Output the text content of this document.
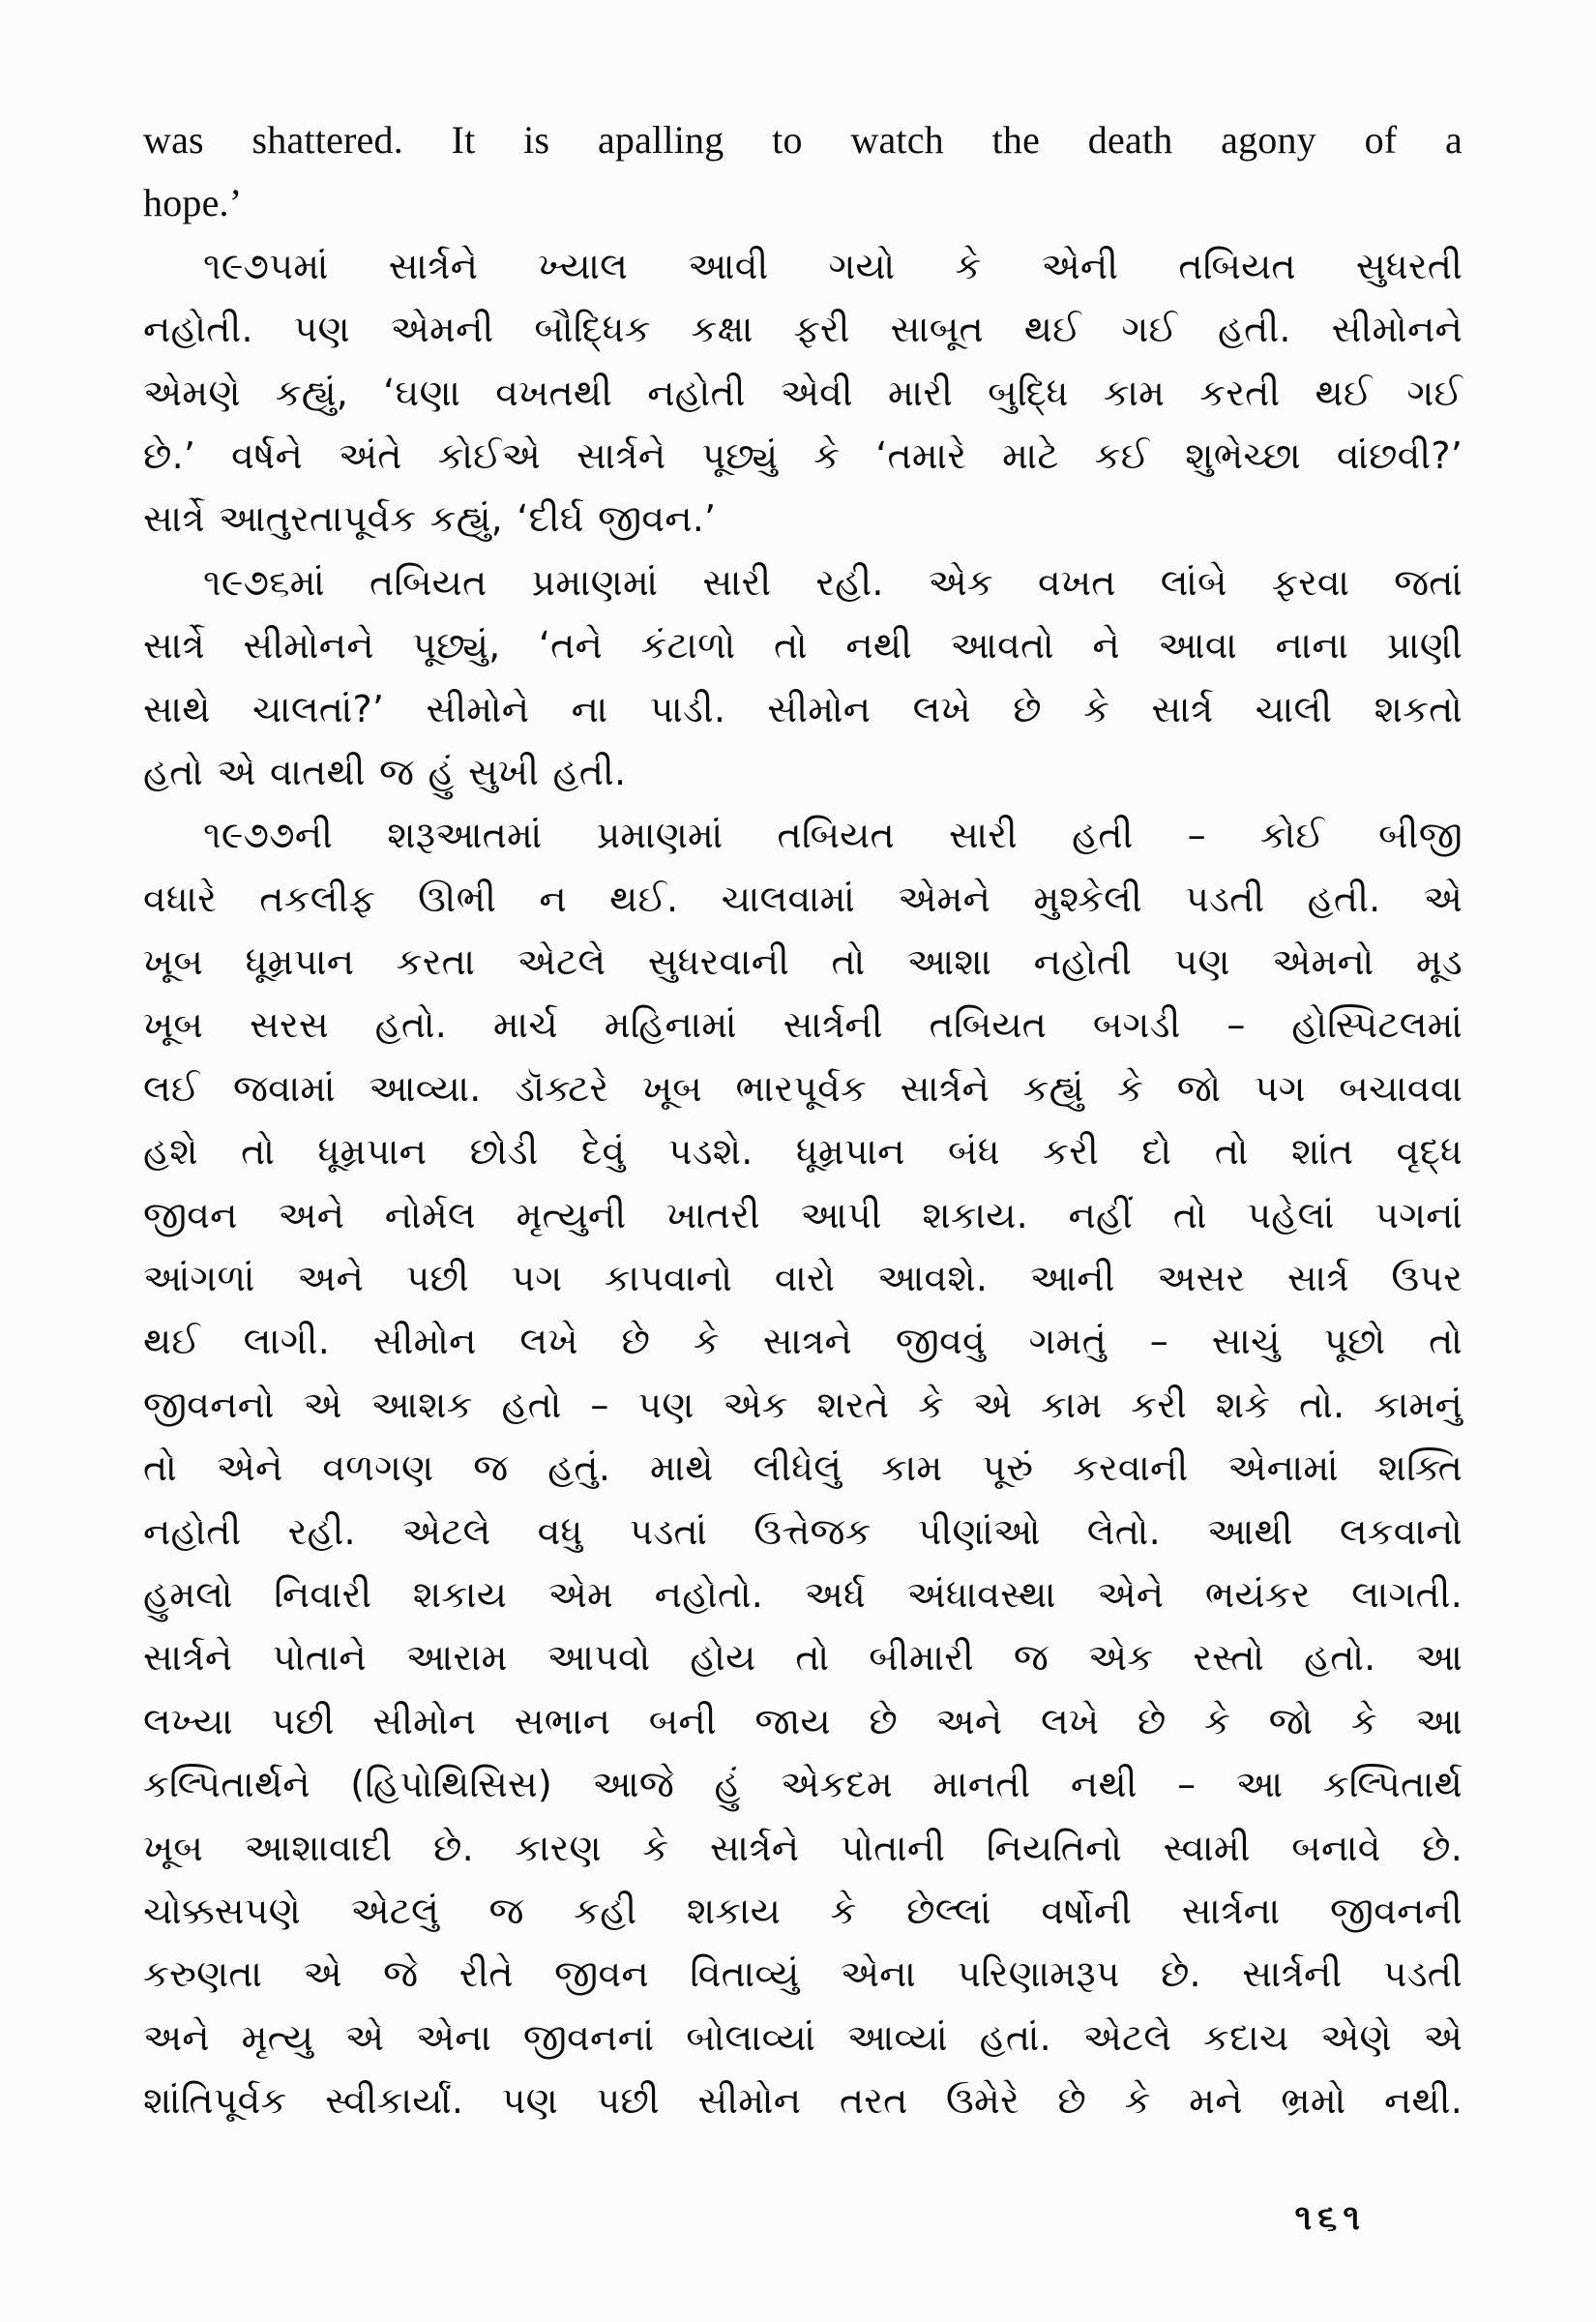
was shattered. It is apalling to watch the death agony of a
hope.’
૧૯૭૫માં સાર્ત્રને ખ્યાલ આવી ગયો કે એની તબિયત સુધરતી
નહોતી. પણ એમની બૌદ્ધિક કક્ષા ફરી સાબૂત થઈ ગઈ હતી. સીમોનને
એમણે કહ્યું, ‘ઘણા વખતથી નહોતી એવી મારી બુદ્ધિ કામ કરતી થઈ ગઈ
છે.’ વર્ષને અંતે કોઈએ સાર્ત્રને પૂછ્યું કે ‘તમારે માટે કઈ શુભેચ્છા વાંછવી?’
સાર્ત્રે આતુરતાપૂર્વક કહ્યું, ‘દીર્ઘ જીવન.’
૧૯૭૬માં તબિયત પ્રમાણમાં સારી રહી. એક વખત લાંબે ફરવા જતાં
સાર્ત્રે સીમોનને પૂછ્યું, ‘તને કંટાળો તો નથી આવતો ને આવા નાના પ્રાણી
સાથે ચાલતાં?’ સીમોને ના પાડી. સીમોન લખે છે કે સાર્ત્ર ચાલી શકતો
હતો એ વાતથી જ હું સુખી હતી.
૧૯૭૭ની શરૂઆતમાં પ્રમાણમાં તબિયત સારી હતી – કોઈ બીજી
વધારે તકલીફ ઊભી ન થઈ. ચાલવામાં એમને મુશ્કેલી પડતી હતી. એ
ખૂબ ધૂમ્રપાન કરતા એટલે સુધરવાની તો આશા નહોતી પણ એમનો મૂડ
ખૂબ સરસ હતો. માર્ચ મહિનામાં સાર્ત્રની તબિયત બગડી – હોસ્પિટલમાં
લઈ જવામાં આવ્યા. ડૉક્ટરે ખૂબ ભારપૂર્વક સાર્ત્રને કહ્યું કે જો પગ બચાવવા
હશે તો ધૂમ્રપાન છોડી દેવું પડશે. ધૂમ્રપાન બંધ કરી દો તો શાંત વૃદ્ધ
જીવન અને નોર્મલ મૃત્યુની ખાતરી આપી શકાય. નહીં તો પહેલાં પગનાં
આંગળાં અને પછી પગ કાપવાનો વારો આવશે. આની અસર સાર્ત્ર ઉપર
થઈ લાગી. સીમોન લખે છે કે સાત્રને જીવવું ગમતું – સાચું પૂછો તો
જીવનનો એ આશક હતો – પણ એક શરતે કે એ કામ કરી શકે તો. કામનું
તો એને વળગણ જ હતું. માથે લીધેલું કામ પૂરું કરવાની એનામાં શક્તિ
નહોતી રહી. એટલે વધુ પડતાં ઉત્તેજક પીણાંઓ લેતો. આથી લકવાનો
હુમલો નિવારી શકાય એમ નહોતો. અર્ધ અંધાવસ્થા એને ભયંકર લાગતી.
સાર્ત્રને પોતાને આરામ આપવો હોય તો બીમારી જ એક રસ્તો હતો. આ
લખ્યા પછી સીમોન સભાન બની જાય છે અને લખે છે કે જો કે આ
કલ્પિતાર્થને (હિપોથિસિસ) આજે હું એકદમ માનતી નથી – આ કલ્પિતાર્થ
ખૂબ આશાવાદી છે. કારણ કે સાર્ત્રને પોતાની નિયતિનો સ્વામી બનાવે છે.
ચોક્કસપણે એટલું જ કહી શકાય કે છેલ્લાં વર્ષોની સાર્ત્રના જીવનની
કરુણતા એ જે રીતે જીવન વિતાવ્યું એના પરિણામરૂપ છે. સાર્ત્રની પડતી
અને મૃત્યુ એ એના જીવનનાં બોલાવ્યાં આવ્યાં હતાં. એટલે કદાચ એણે એ
શાંતિપૂર્વક સ્વીકાર્યાં. પણ પછી સીમોન તરત ઉમેરે છે કે મને ભ્રમો નથી.
૧૬૧
